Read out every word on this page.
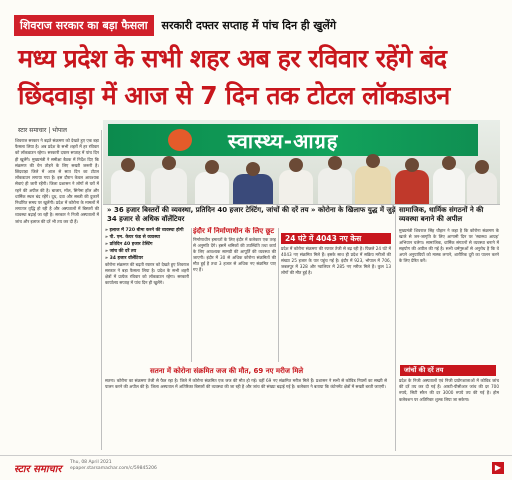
शिवराज सरकार का बड़ा फैसला	सरकारी दफ्तर सप्ताह में पांच दिन ही खुलेंगे
मध्य प्रदेश के सभी शहर अब हर रविवार रहेंगे बंद
छिंदवाड़ा में आज से 7 दिन तक टोटल लॉकडाउन
स्टार समाचार | भोपाल

शिवराज सरकार ने बढ़ते संक्रमण को देखते हुए एक बड़ा फैसला लिया है। अब प्रदेश के सभी शहरों में हर रविवार को लॉकडाउन रहेगा। सरकारी दफ्तर सप्ताह में पांच दिन ही खुलेंगे। मुख्यमंत्री ने समीक्षा बैठक में निर्देश दिए कि संक्रमण की चेन तोड़ने के लिए सख्ती जरूरी है। छिंदवाड़ा जिले में आज से सात दिन का टोटल लॉकडाउन लगाया गया है। इस दौरान केवल आवश्यक सेवाएं ही जारी रहेंगी। जिला प्रशासन ने लोगों से घरों में रहने की अपील की है। बाजार, मॉल, सिनेमा हॉल और धार्मिक स्थल बंद रहेंगे। दूध, दवा और सब्जी की दुकानें निर्धारित समय पर खुलेंगी। प्रदेश में कोरोना के मामलों में लगातार वृद्धि हो रही है और अस्पतालों में बिस्तरों की व्यवस्था बढ़ाई जा रही है। सरकार ने निजी अस्पतालों में जांच और इलाज की दरें भी तय कर दी हैं।

स्वास्थ्य-आग्रह
» 36 हजार बिस्तरों की व्यवस्था, प्रतिदिन 40 हजार टेस्टिंग, जांचों की दरें तय » कोरोना के खिलाफ युद्ध में जुड़े 34 हजार से अधिक वॉलेंटियर
सामाजिक, धार्मिक संगठनों ने की व्यवस्था बनाने की अपील
» इलाज में 720 बीमा करने की व्यवस्था होगी
» पी. एम. केयर फंड से व्यवस्था
» प्रतिदिन 40 हजार टेस्टिंग
» जांच की दरें तय
» 34 हजार वॉलेंटियर

कोरोना संक्रमण की बढ़ती रफ्तार को देखते हुए शिवराज सरकार ने बड़ा फैसला लिया है। प्रदेश के सभी शहरी क्षेत्रों में प्रत्येक रविवार को लॉकडाउन रहेगा। सरकारी कार्यालय सप्ताह में पांच दिन ही खुलेंगे।

इंदौर में निर्माणाधीन के लिए छूट

निर्माणाधीन इमारतों के लिए इंदौर में कलेक्टर एक तरह से अनुमति देंगे। इसमें श्रमिकों की उपस्थिति तथा कार्य के लिए आवश्यक सामग्री की आपूर्ति की व्यवस्था की जाएगी। इंदौर में 30 से अधिक कोरोना संक्रमितों की मौत हुई है तथा 3 हजार से अधिक नए संक्रमित पाए गए हैं।

24 घंटे में 4043 नए केस

प्रदेश में कोरोना संक्रमण की रफ्तार तेजी से बढ़ रही है। पिछले 24 घंटे में 4043 नए संक्रमित मिले हैं। इसके साथ ही प्रदेश में सक्रिय मरीजों की संख्या 25 हजार के पार पहुंच गई है। इंदौर में 923, भोपाल में 706, जबलपुर में 328 और ग्वालियर में 285 नए मरीज मिले हैं। कुल 13 लोगों की मौत हुई है।

मुख्यमंत्री शिवराज सिंह चौहान ने कहा है कि कोरोना संक्रमण के खतरे से जन-जागृति के लिए आगामी दिन पर 'स्वास्थ्य आग्रह' अभियान चलेगा। सामाजिक, धार्मिक संगठनों से व्यवस्था बनाने में सहयोग की अपील की गई है। सभी धर्मगुरुओं से अनुरोध है कि वे अपने अनुयायियों को मास्क लगाने, शारीरिक दूरी का पालन करने के लिए प्रेरित करें।

सतना में कोरोना संक्रमित जज की मौत, 69 नए मरीज मिले

सतना। कोरोना का संक्रमण तेजी से फैल रहा है। जिले में कोरोना संक्रमित एक जज की मौत हो गई। वहीं 69 नए संक्रमित मरीज मिले हैं। प्रशासन ने सभी से कोविड नियमों का सख्ती से पालन करने की अपील की है। जिला अस्पताल में अतिरिक्त बिस्तरों की व्यवस्था की जा रही है और जांच की संख्या बढ़ाई गई है। कलेक्टर ने बताया कि कंटेनमेंट क्षेत्रों में सख्ती बरती जाएगी।

जांचों की दरें तय

प्रदेश के निजी अस्पतालों एवं निजी प्रयोगशालाओं में कोविड जांच की दरें तय कर दी गई हैं। आरटी-पीसीआर जांच की दर 700 रुपये, सिटी स्कैन की दर 3000 रुपये तय की गई है। होम कलेक्शन पर अतिरिक्त शुल्क लिया जा सकेगा।

स्टार समाचार
Thu, 08 April 2021
epaper.starsamachar.com/c/59845206	▶
